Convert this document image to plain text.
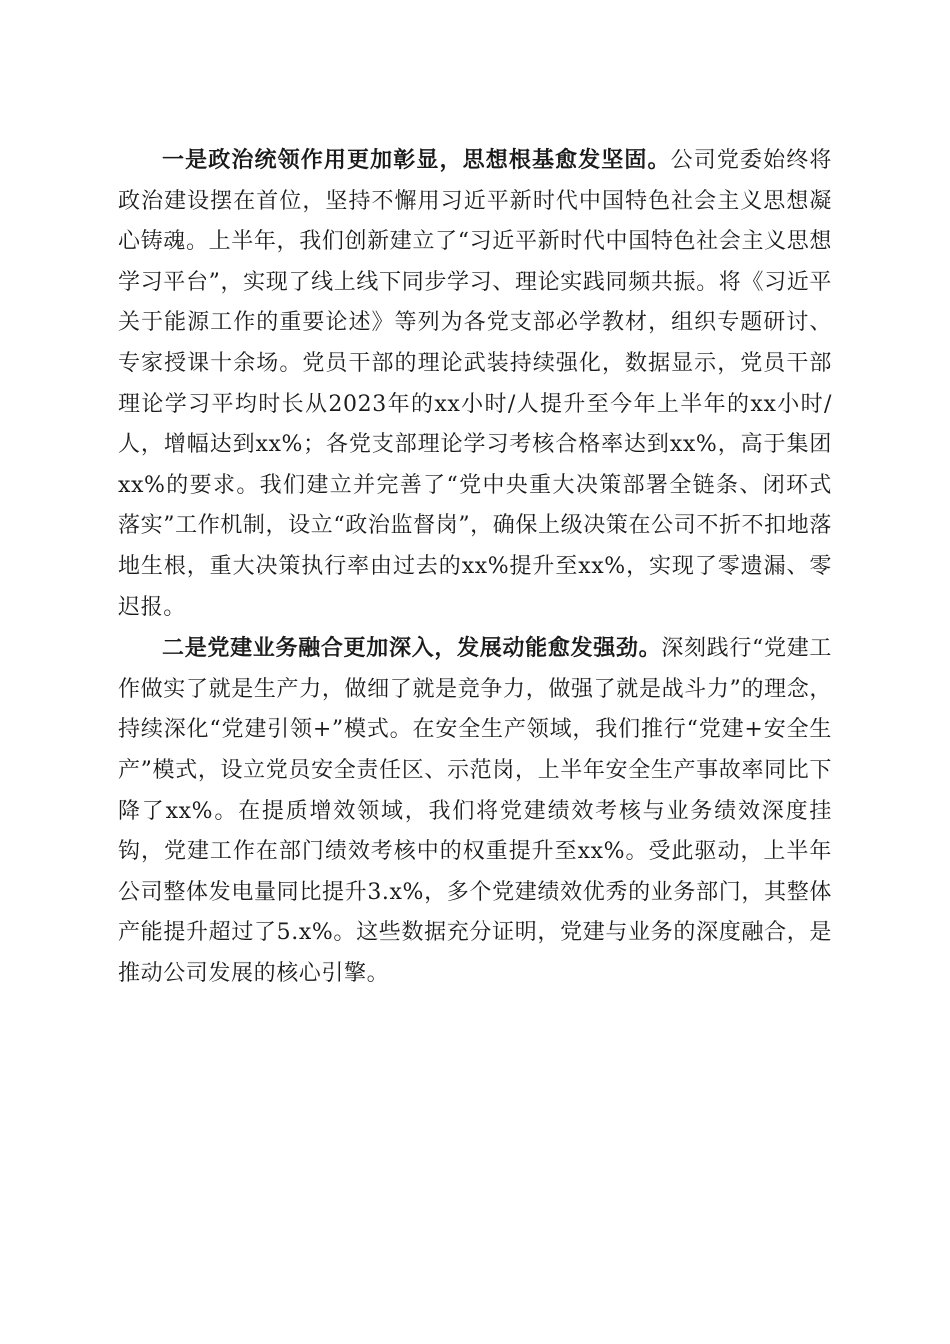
一是政治统领作用更加彰显，思想根基愈发坚固。公司党委始终将政治建设摆在首位，坚持不懈用习近平新时代中国特色社会主义思想凝心铸魂。上半年，我们创新建立了“习近平新时代中国特色社会主义思想学习平台”，实现了线上线下同步学习、理论实践同频共振。将《习近平关于能源工作的重要论述》等列为各党支部必学教材，组织专题研讨、专家授课十余场。党员干部的理论武装持续强化，数据显示，党员干部理论学习平均时长从2023年的xx小时/人提升至今年上半年的xx小时/人，增幅达到xx%；各党支部理论学习考核合格率达到xx%，高于集团xx%的要求。我们建立并完善了“党中央重大决策部署全链条、闭环式落实”工作机制，设立“政治监督岗”，确保上级决策在公司不折不扣地落地生根，重大决策执行率由过去的xx%提升至xx%，实现了零遗漏、零迟报。

二是党建业务融合更加深入，发展动能愈发强劲。深刻践行“党建工作做实了就是生产力，做细了就是竞争力，做强了就是战斗力”的理念，持续深化“党建引领+”模式。在安全生产领域，我们推行“党建+安全生产”模式，设立党员安全责任区、示范岗，上半年安全生产事故率同比下降了xx%。在提质增效领域，我们将党建绩效考核与业务绩效深度挂钩，党建工作在部门绩效考核中的权重提升至xx%。受此驱动，上半年公司整体发电量同比提升3.x%，多个党建绩效优秀的业务部门，其整体产能提升超过了5.x%。这些数据充分证明，党建与业务的深度融合，是推动公司发展的核心引擎。
